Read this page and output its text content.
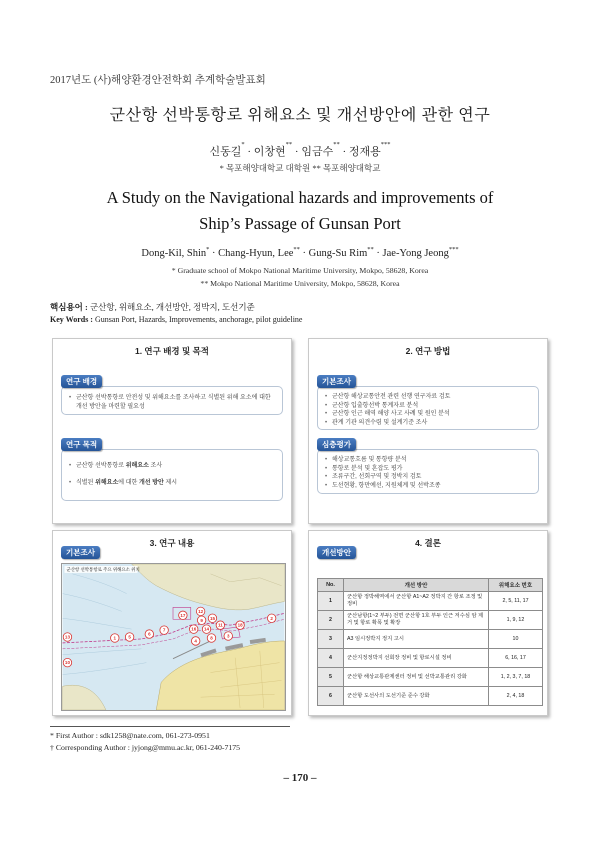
2017년도 (사)해양환경안전학회 추계학술발표회
군산항 선박통항로 위해요소 및 개선방안에 관한 연구
신동길* · 이창현** · 임금수** · 정재용***
* 목포해양대학교 대학원 ** 목포해양대학교
A Study on the Navigational hazards and improvements of
Ship’s Passage of Gunsan Port
Dong-Kil, Shin* · Chang-Hyun, Lee** · Gung-Su Rim** · Jae-Yong Jeong***
* Graduate school of Mokpo National Maritime University, Mokpo, 58628, Korea
** Mokpo National Maritime University, Mokpo, 58628, Korea
핵심용어 : 군산항, 위해요소, 개선방안, 정박지, 도선기준
Key Words : Gunsan Port, Hazards, Improvements, anchorage, pilot guideline
1. 연구 배경 및 목적
연구 배경
• 군산항 선박통항로 안전성 및 위해요소를 조사하고 식별된 위해 요소에 대한 개선 방안을 마련할 필요성
연구 목적
• 군산항 선박통항로 위해요소 조사
• 식별된 위해요소에 대한 개선 방안 제시
2. 연구 방법
기본조사
• 군산항 해상교통안전 관련 선행 연구자료 검토
• 군산항 입출항선박 통계자료 분석
• 군산항 인근 해역 해양 사고 사례 및 원인 분석
• 관계 기관 의견수렴 및 설계기준 조사
심층평가
• 해상교통흐름 및 통항량 분석
• 통항로 분석 및 혼잡도 평가
• 조류구간, 선회구역 및 정박지 검토
• 도선현황, 항만예선, 지원체계 및 선박조종
3. 연구 내용
기본조사
군산항 선박통항로 주요 위해요소 위치
1
2
3
4
5
6
7
8
9
10
11
12
13
14
15
16
17
18
4. 결론
개선방안
No.	개선 방안	위해요소 번호
1	군산항 정박해역에서 군산항 A1~A2 정박지 간 항로 조정 및 정비	2, 5, 11, 17
2	군산남항(1~2 부두) 전면 군산항 1호 부두 인근 저수심 암 제거 및 항로 확폭 및 확장	1, 9, 12
3	A3 임시정박지 정지 고시	10
4	군산지정정박지 선회장 정비 및 항로시설 정비	6, 16, 17
5	군산항 해상교통관제센터 정비 및 선박교통관리 강화	1, 2, 3, 7, 18
6	군산항 도선사의 도선기준 준수 강화	2, 4, 18
* First Author : sdk1258@nate.com, 061-273-0951
† Corresponding Author : jyjong@mmu.ac.kr, 061-240-7175
– 170 –
